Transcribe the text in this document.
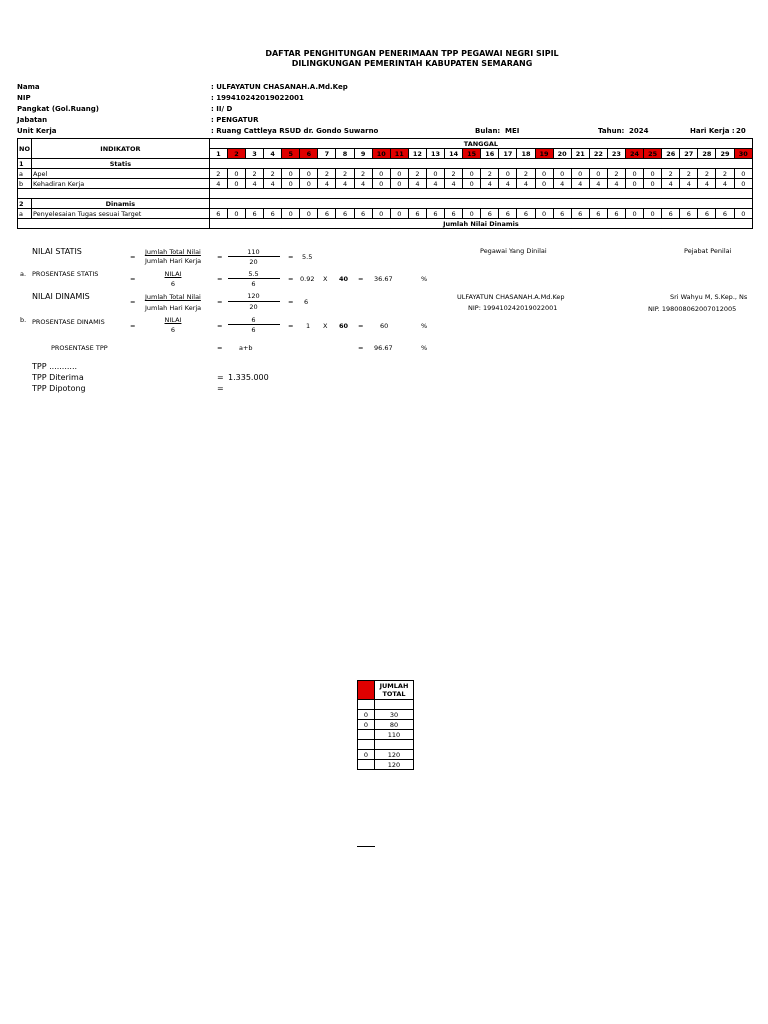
DAFTAR PENGHITUNGAN PENERIMAAN TPP PEGAWAI NEGRI SIPIL
DILINGKUNGAN PEMERINTAH KABUPATEN SEMARANG
Nama	: ULFAYATUN CHASANAH.A.Md.Kep
NIP	: 199410242019022001
Pangkat (Gol.Ruang)	: II/ D
Jabatan	: PENGATUR
Unit Kerja	: Ruang Cattleya RSUD dr. Gondo Suwarno	Bulan: MEI	Tahun: 2024	Hari Kerja : 20
NO	INDIKATOR	TANGGAL																													
		1	2	3	4	5	6	7	8	9	10	11	12	13	14	15	16	17	18	19	20	21	22	23	24	25	26	27	28	29	30
1	Statis																														
a	Apel	2	0	2	2	0	0	2	2	2	0	0	2	0	2	0	2	0	2	0	0	0	0	2	0	0	2	2	2	2	0
b	Kehadiran Kerja	4	0	4	4	0	0	4	4	4	0	0	4	4	4	0	4	4	4	0	4	4	4	4	0	0	4	4	4	4	0

2	Dinamis																														
a	Penyelesaian Tugas sesuai Target	6	0	6	6	0	0	6	6	6	0	0	6	6	6	0	6	6	6	0	6	6	6	6	0	0	6	6	6	6	0
		Jumlah Nilai Dinamis																													
NILAI STATIS
=
Jumlah Total Nilai
Jumlah Hari Kerja =
110
20
= 5.5
a. PROSENTASE STATIS
=
NILAI
6
=
5.5
6
= 0.92 X 40 = 36.67	%
NILAI DINAMIS
=
Jumlah Total Nilai
Jumlah Hari Kerja
=
120
20
= 6
b. PROSENTASE DINAMIS	=
NILAI
6	=
6
6	= 1 X 60 =	60	%
PROSENTASE TPP	=	a+b	= 96.67	%
TPP ...........
TPP Diterima
TPP Dipotong
= 1.335.000
=
Pegawai Yang Dinilai	Pejabat Penilai
ULFAYATUN CHASANAH.A.Md.Kep
NIP: 199410242019022001
Sri Wahyu M, S.Kep., Ns
NIP. 198008062007012005
31	JUMLAH
TOTAL

0	30
0	80
	110

0	120
	120
